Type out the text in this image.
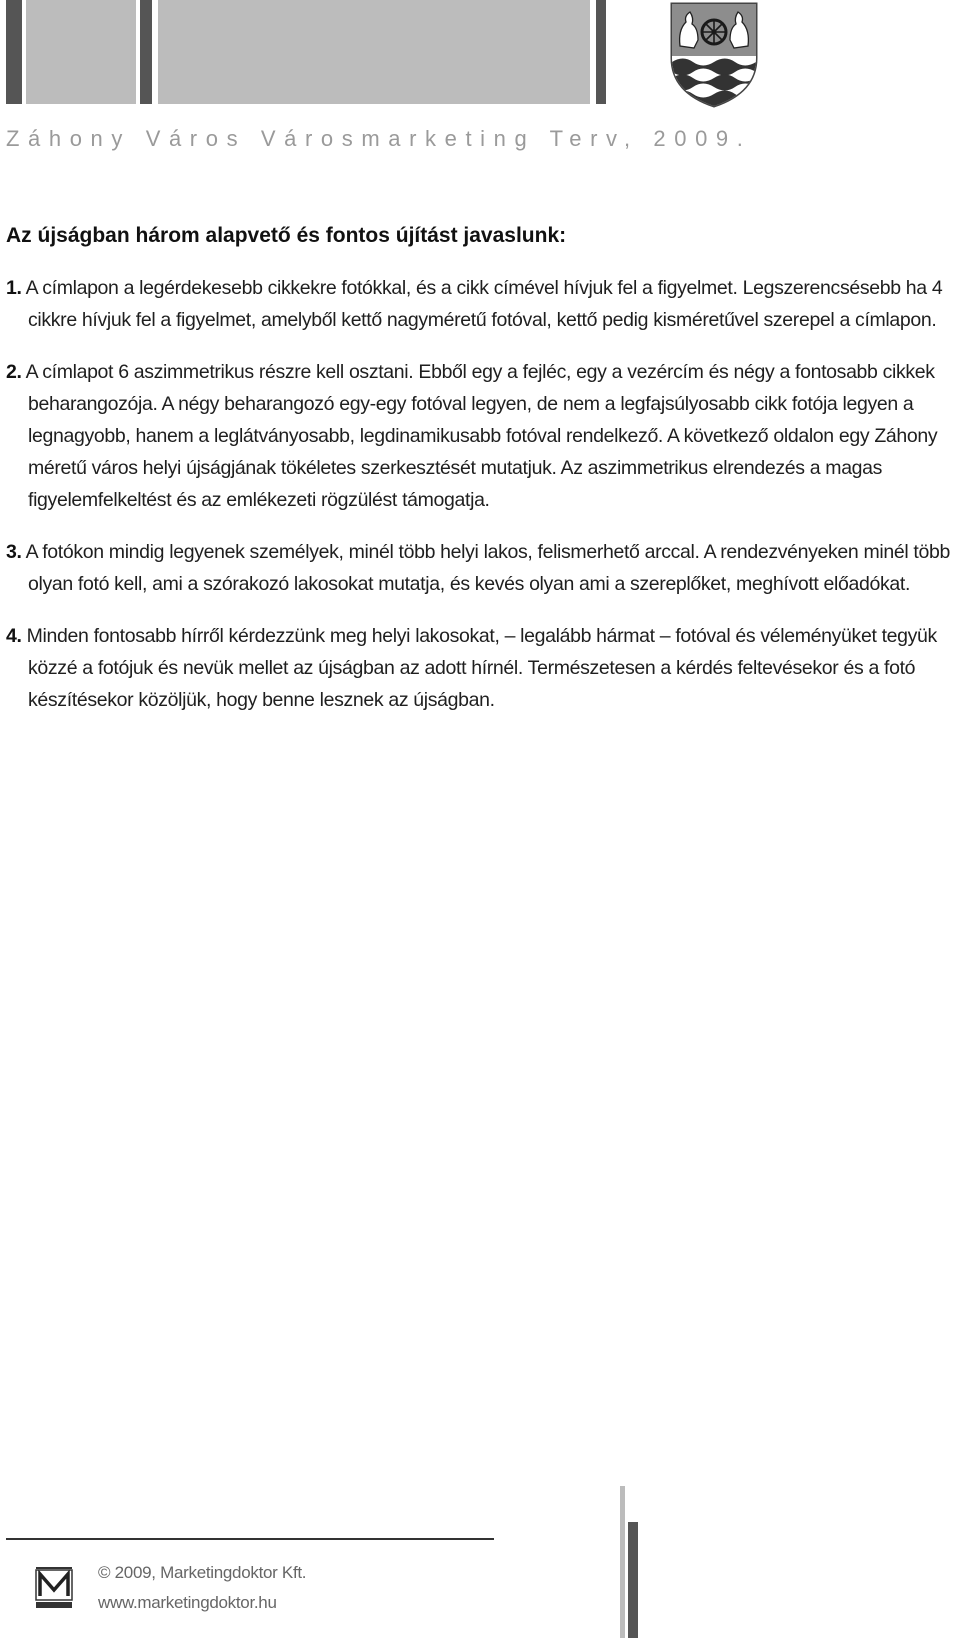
Záhony Város Városmarketing Terv, 2009.

Az újságban három alapvető és fontos újítást javaslunk:

1. A címlapon a legérdekesebb cikkekre fotókkal, és a cikk címével hívjuk fel a figyelmet. Legszerencsésebb ha 4 cikkre hívjuk fel a figyelmet, amelyből kettő nagyméretű fotóval, kettő pedig kisméretűvel szerepel a címlapon.

2. A címlapot 6 aszimmetrikus részre kell osztani. Ebből egy a fejléc, egy a vezércím és négy a fontosabb cikkek beharangozója. A négy beharangozó egy-egy fotóval legyen, de nem a legfajsúlyosabb cikk fotója legyen a legnagyobb, hanem a leglátványosabb, legdinamikusabb fotóval rendelkező. A következő oldalon egy Záhony méretű város helyi újságjának tökéletes szerkesztését mutatjuk. Az aszimmetrikus elrendezés a magas figyelemfelkeltést és az emlékezeti rögzülést támogatja.

3. A fotókon mindig legyenek személyek, minél több helyi lakos, felismerhető arccal. A rendezvényeken minél több olyan fotó kell, ami a szórakozó lakosokat mutatja, és kevés olyan ami a szereplőket, meghívott előadókat.

4. Minden fontosabb hírről kérdezzünk meg helyi lakosokat, – legalább hármat – fotóval és véleményüket tegyük közzé a fotójuk és nevük mellet az újságban az adott hírnél. Természetesen a kérdés feltevésekor és a fotó készítésekor közöljük, hogy benne lesznek az újságban.

© 2009, Marketingdoktor Kft.
www.marketingdoktor.hu
